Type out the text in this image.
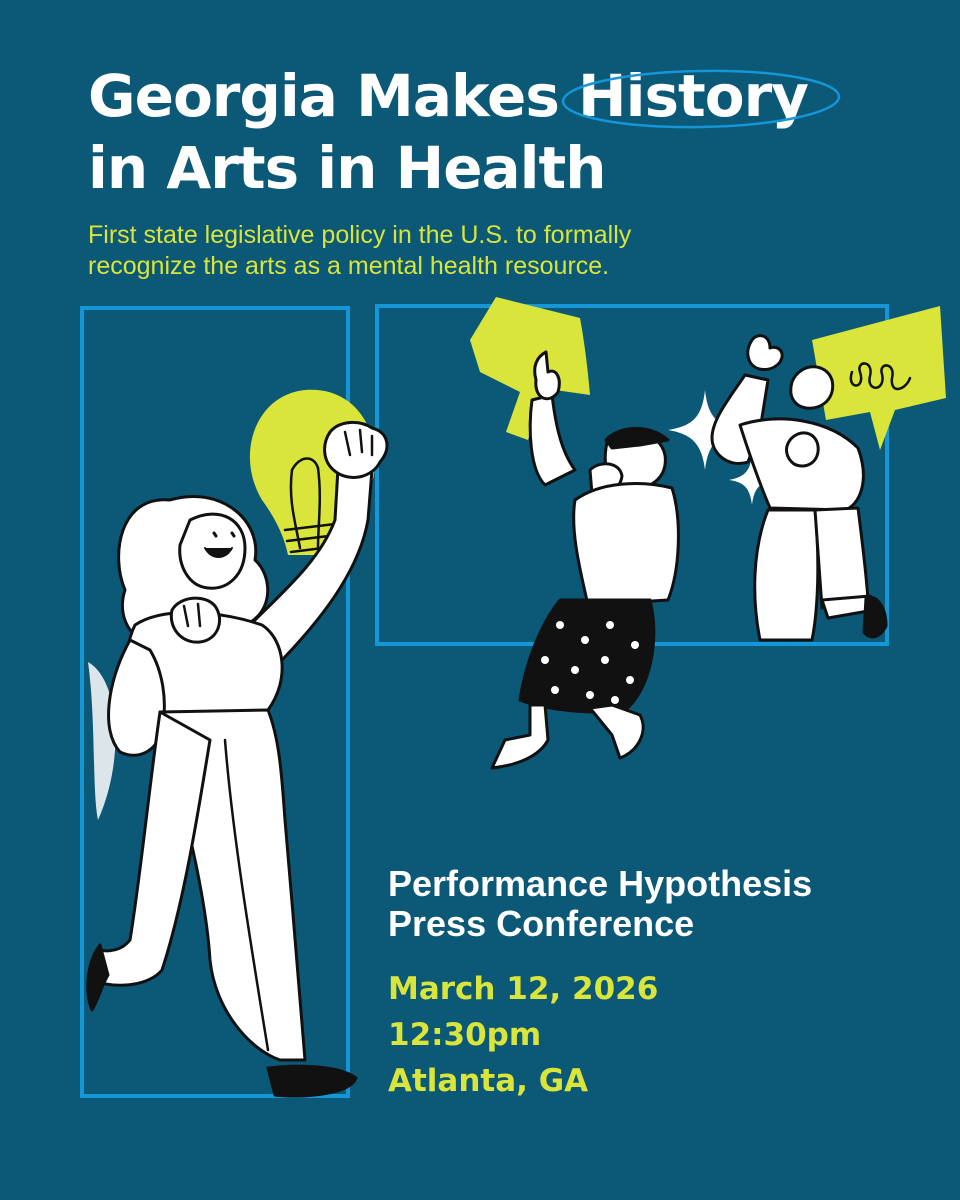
Georgia Makes History
in Arts in Health

First state legislative policy in the U.S. to formally
recognize the arts as a mental health resource.

Performance Hypothesis
Press Conference
March 12, 2026
12:30pm
Atlanta, GA
